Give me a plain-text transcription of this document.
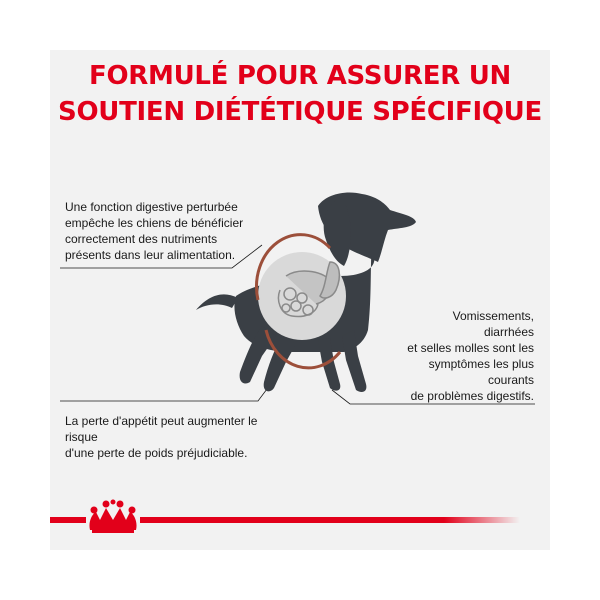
FORMULÉ POUR ASSURER UN
SOUTIEN DIÉTÉTIQUE SPÉCIFIQUE

Une fonction digestive perturbée
empêche les chiens de bénéficier
correctement des nutriments
présents dans leur alimentation.

Vomissements,
diarrhées
et selles molles sont les
symptômes les plus
courants
de problèmes digestifs.

La perte d'appétit peut augmenter le risque
d'une perte de poids préjudiciable.
